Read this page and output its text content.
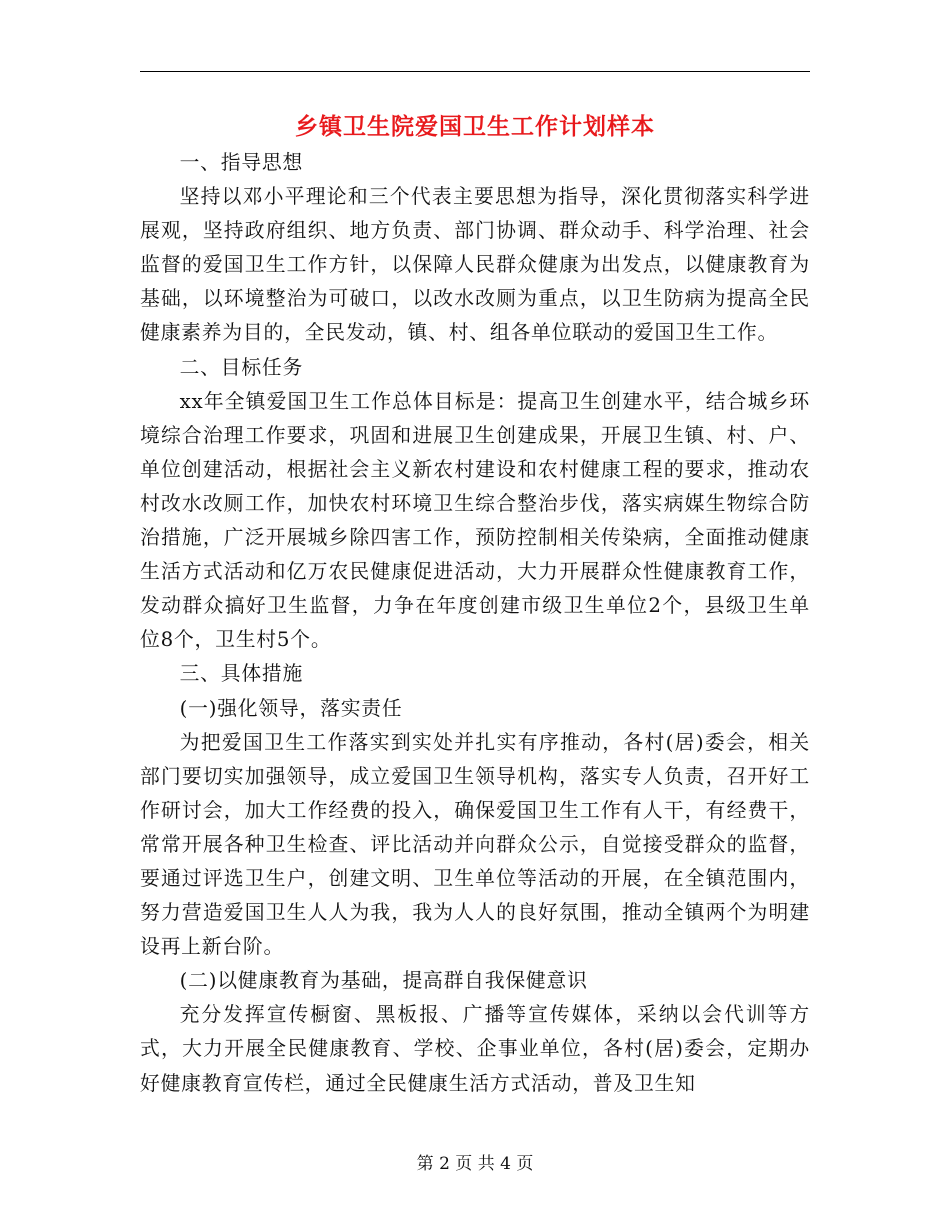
乡镇卫生院爱国卫生工作计划样本

一、指导思想

坚持以邓小平理论和三个代表主要思想为指导，深化贯彻落实科学进展观，坚持政府组织、地方负责、部门协调、群众动手、科学治理、社会监督的爱国卫生工作方针，以保障人民群众健康为出发点，以健康教育为基础，以环境整治为可破口，以改水改厕为重点，以卫生防病为提高全民健康素养为目的，全民发动，镇、村、组各单位联动的爱国卫生工作。

二、目标任务

xx年全镇爱国卫生工作总体目标是：提高卫生创建水平，结合城乡环境综合治理工作要求，巩固和进展卫生创建成果，开展卫生镇、村、户、单位创建活动，根据社会主义新农村建设和农村健康工程的要求，推动农村改水改厕工作，加快农村环境卫生综合整治步伐，落实病媒生物综合防治措施，广泛开展城乡除四害工作，预防控制相关传染病，全面推动健康生活方式活动和亿万农民健康促进活动，大力开展群众性健康教育工作，发动群众搞好卫生监督，力争在年度创建市级卫生单位2个，县级卫生单位8个，卫生村5个。

三、具体措施

(一)强化领导，落实责任

为把爱国卫生工作落实到实处并扎实有序推动，各村(居)委会，相关部门要切实加强领导，成立爱国卫生领导机构，落实专人负责，召开好工作研讨会，加大工作经费的投入，确保爱国卫生工作有人干，有经费干，常常开展各种卫生检查、评比活动并向群众公示，自觉接受群众的监督，要通过评选卫生户，创建文明、卫生单位等活动的开展，在全镇范围内，努力营造爱国卫生人人为我，我为人人的良好氛围，推动全镇两个为明建设再上新台阶。

(二)以健康教育为基础，提高群自我保健意识

充分发挥宣传橱窗、黑板报、广播等宣传媒体，采纳以会代训等方式，大力开展全民健康教育、学校、企事业单位，各村(居)委会，定期办好健康教育宣传栏，通过全民健康生活方式活动，普及卫生知

第 2 页 共 4 页
